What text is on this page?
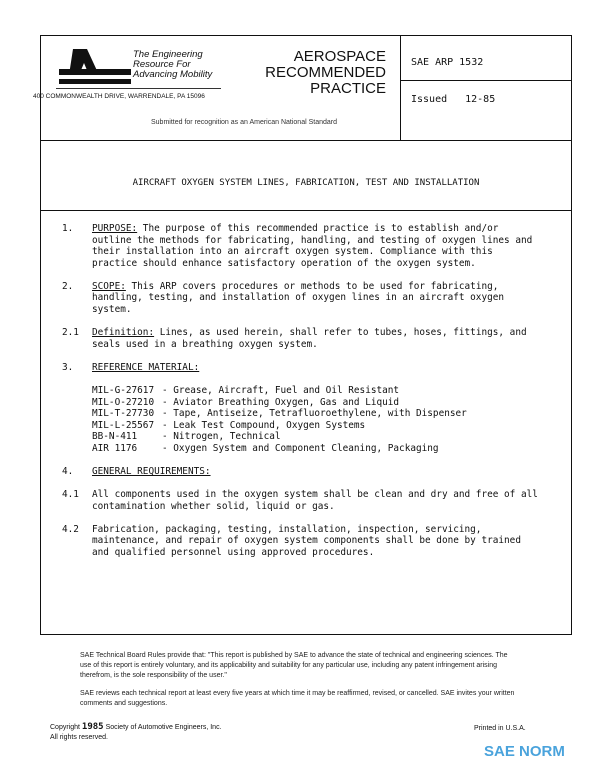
The Engineering
Resource For
Advancing Mobility
400 COMMONWEALTH DRIVE, WARRENDALE, PA 15096
AEROSPACE
RECOMMENDED
PRACTICE
Submitted for recognition as an American National Standard
SAE ARP 1532
Issued 12-85
AIRCRAFT OXYGEN SYSTEM LINES, FABRICATION, TEST AND INSTALLATION
1.	PURPOSE: The purpose of this recommended practice is to establish and/or outline the methods for fabricating, handling, and testing of oxygen lines and their installation into an aircraft oxygen system. Compliance with this practice should enhance satisfactory operation of the oxygen system.
2.	SCOPE: This ARP covers procedures or methods to be used for fabricating, handling, testing, and installation of oxygen lines in an aircraft oxygen system.
2.1	Definition: Lines, as used herein, shall refer to tubes, hoses, fittings, and seals used in a breathing oxygen system.
3.	REFERENCE MATERIAL:
MIL-G-27617 - Grease, Aircraft, Fuel and Oil Resistant
MIL-O-27210 - Aviator Breathing Oxygen, Gas and Liquid
MIL-T-27730 - Tape, Antiseize, Tetrafluoroethylene, with Dispenser
MIL-L-25567 - Leak Test Compound, Oxygen Systems
BB-N-411	- Nitrogen, Technical
AIR 1176	- Oxygen System and Component Cleaning, Packaging
4.	GENERAL REQUIREMENTS:
4.1	All components used in the oxygen system shall be clean and dry and free of all contamination whether solid, liquid or gas.
4.2	Fabrication, packaging, testing, installation, inspection, servicing, maintenance, and repair of oxygen system components shall be done by trained and qualified personnel using approved procedures.
SAE Technical Board Rules provide that: "This report is published by SAE to advance the state of technical and engineering sciences. The use of this report is entirely voluntary, and its applicability and suitability for any particular use, including any patent infringement arising therefrom, is the sole responsibility of the user."
SAE reviews each technical report at least every five years at which time it may be reaffirmed, revised, or cancelled. SAE invites your written comments and suggestions.
Copyright 1985 Society of Automotive Engineers, Inc.
All rights reserved.
Printed in U.S.A.
SAE NORM
